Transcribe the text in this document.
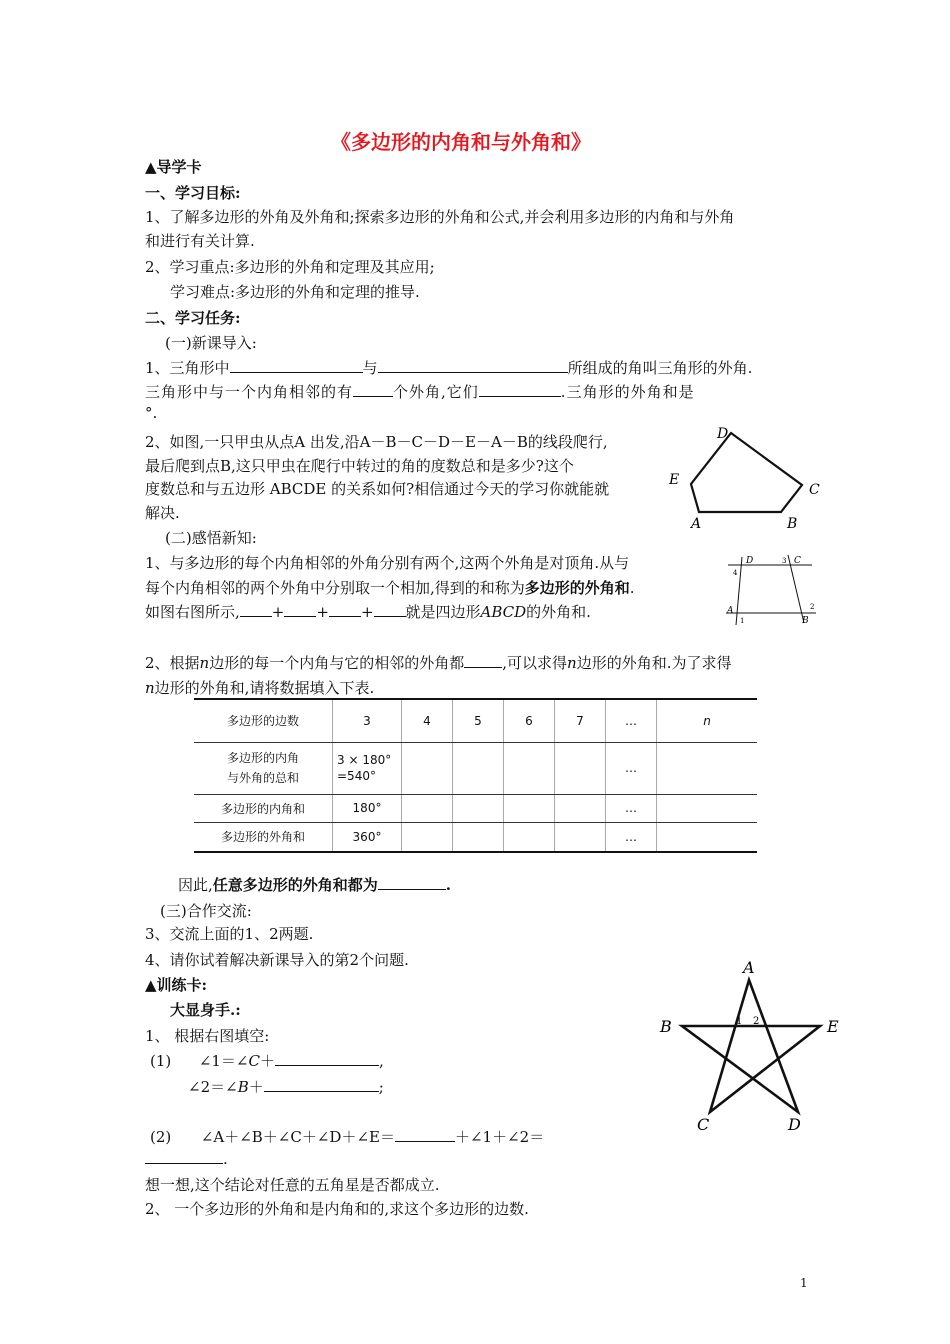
《多边形的内角和与外角和》
▲导学卡
一、学习目标:
1、了解多边形的外角及外角和;探索多边形的外角和公式,并会利用多边形的内角和与外角
和进行有关计算.
2、学习重点:多边形的外角和定理及其应用;
学习难点:多边形的外角和定理的推导.
二、学习任务:
(一)新课导入:
1、三角形中	与	所组成的角叫三角形的外角.
三角形中与一个内角相邻的有	个外角,它们	.三角形的外角和是
°.
2、如图,一只甲虫从点A 出发,沿A－B－C－D－E－A－B的线段爬行,
最后爬到点B,这只甲虫在爬行中转过的角的度数总和是多少?这个
度数总和与五边形 ABCDE 的关系如何?相信通过今天的学习你就能就
解决.
D
E
C
A	B
(二)感悟新知:
1、与多边形的每个内角相邻的外角分别有两个,这两个外角是对顶角.从与
每个内角相邻的两个外角中分别取一个相加,得到的和称为多边形的外角和.
如图右图所示, + + + 就是四边形ABCD的外角和.
D	C
A
B
4
3
2
1
2、根据n边形的每一个内角与它的相邻的外角都	,可以求得n边形的外角和.为了求得
n边形的外角和,请将数据填入下表.
多边形的边数	3	4	5	6	7	…	n
多边形的内角
与外角的总和	3 × 180°
=540°					…	
多边形的内角和	180°					…	
多边形的外角和	360°					…	
因此,任意多边形的外角和都为	.
(三)合作交流:
3、交流上面的1、2两题.
4、请你试着解决新课导入的第2个问题.
▲训练卡:
大显身手.:
1、 根据右图填空:
(1) ∠1＝∠C＋	,
∠2＝∠B＋	;
(2) ∠A＋∠B＋∠C＋∠D＋∠E＝	＋∠1＋∠2＝
.
想一想,这个结论对任意的五角星是否都成立.
2、 一个多边形的外角和是内角和的,求这个多边形的边数.
A
B	E
C	D
1 2
1
